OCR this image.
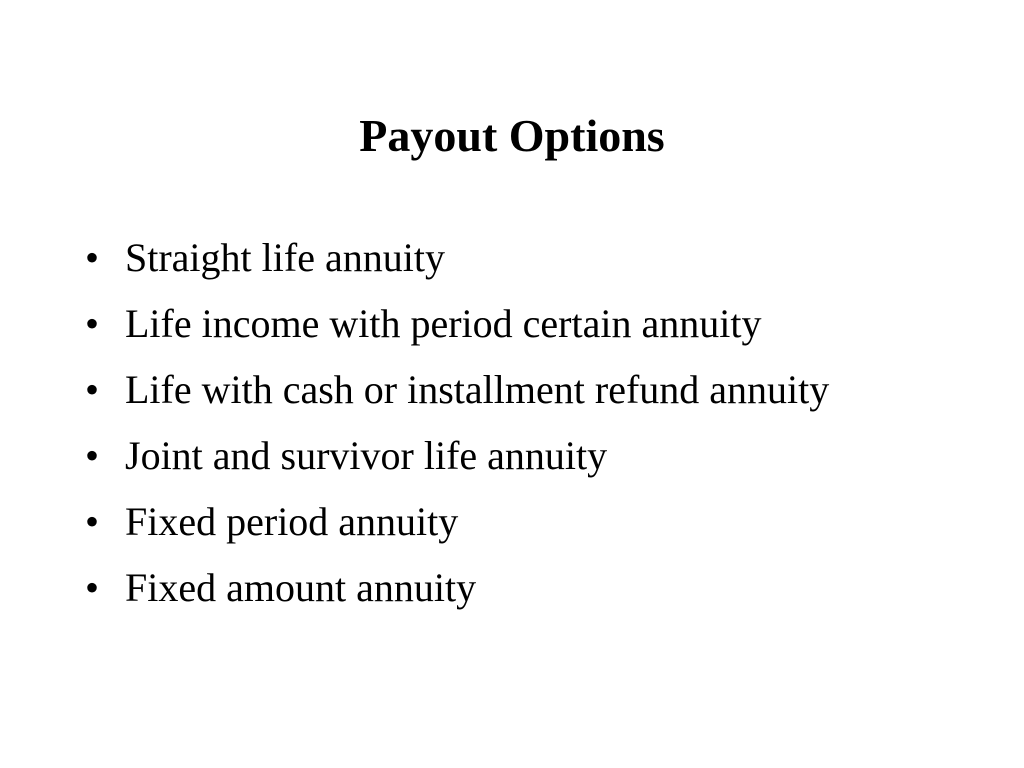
Payout Options
• Straight life annuity
• Life income with period certain annuity
• Life with cash or installment refund annuity
• Joint and survivor life annuity
• Fixed period annuity
• Fixed amount annuity
